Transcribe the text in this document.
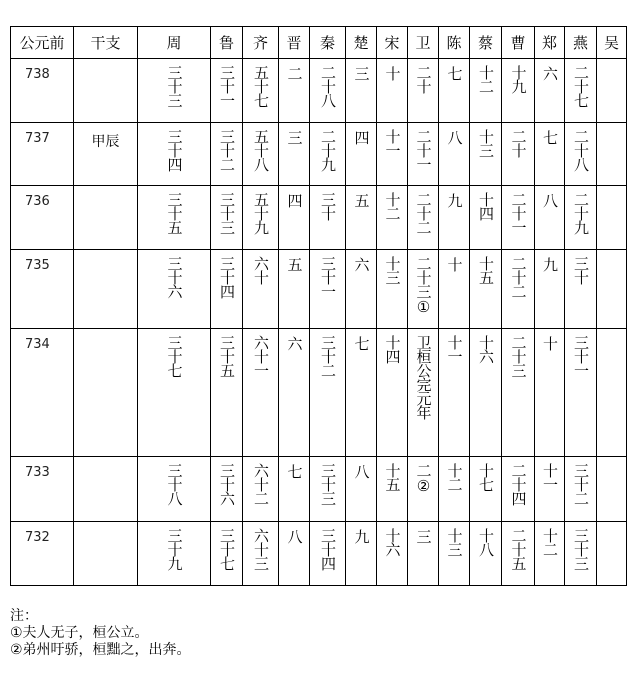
公元前	干支	周	鲁	齐	晋	秦	楚	宋	卫	陈	蔡	曹	郑	燕	吴
738		三十三	三十一	五十七	二	二十八	三	十	二十	七	十二	十九	六	二十七	
737	甲辰	三十四	三十二	五十八	三	二十九	四	十一	二十一	八	十三	二十	七	二十八	
736		三十五	三十三	五十九	四	三十	五	十二	二十二	九	十四	二十一	八	二十九	
735		三十六	三十四	六十	五	三十一	六	十三	二十三①	十	十五	二十二	九	三十	
734		三十七	三十五	六十一	六	三十二	七	十四	卫桓公完元年	十一	十六	二十三	十	三十一	
733		三十八	三十六	六十二	七	三十三	八	十五	二②	十二	十七	二十四	十一	三十二	
732		三十九	三十七	六十三	八	三十四	九	十六	三	十三	十八	二十五	十二	三十三	
注：
①夫人无子，桓公立。
②弟州吁骄，桓黜之，出奔。
